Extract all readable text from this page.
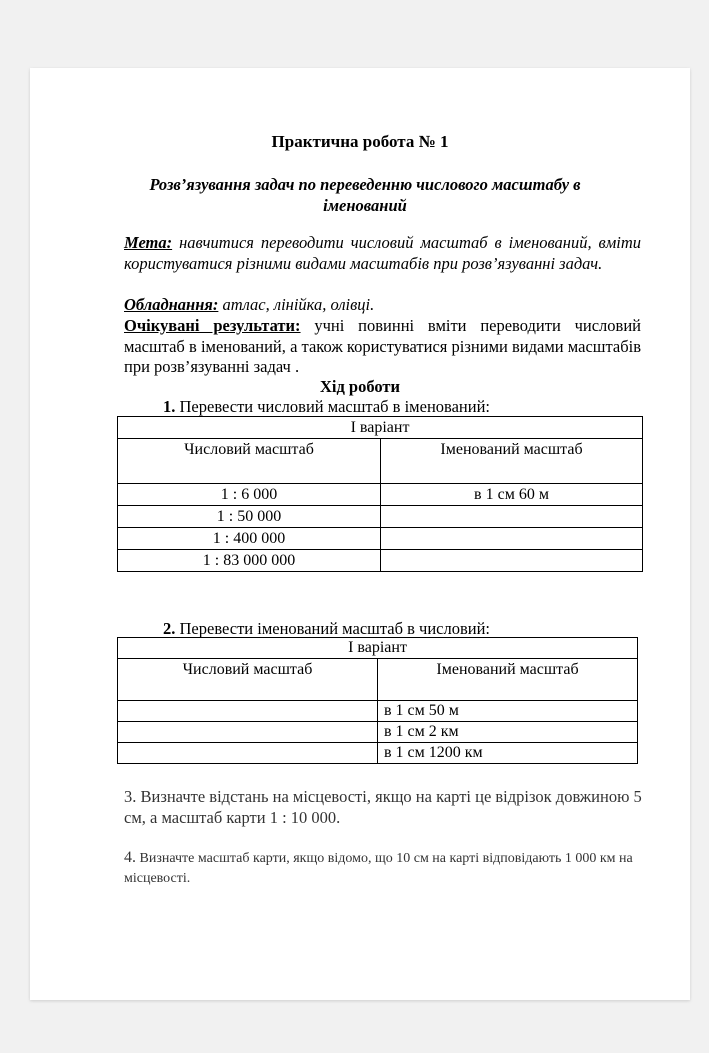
Практична робота № 1
Розв’язування задач по переведенню числового масштабу в іменований
Мета: навчитися переводити числовий масштаб в іменований, вміти користуватися різними видами масштабів при розв’язуванні задач.
Обладнання: атлас, лінійка, олівці.
Очікувані результати: учні повинні вміти переводити числовий масштаб в іменований, а також користуватися різними видами масштабів при розв’язуванні задач .
Хід роботи
1. Перевести числовий масштаб в іменований:
І варіант	
Числовий масштаб	Іменований масштаб
1 : 6 000	в 1 см 60 м
1 : 50 000	
1 : 400 000	
1 : 83 000 000	
2. Перевести іменований масштаб в числовий:
І варіант	
Числовий масштаб	Іменований масштаб
	в 1 см 50 м
	в 1 см 2 км
	в 1 см 1200 км
3. Визначте відстань на місцевості, якщо на карті це відрізок довжиною 5 см, а масштаб карти 1 : 10 000.
4. Визначте масштаб карти, якщо відомо, що 10 см на карті відповідають 1 000 км на місцевості.
